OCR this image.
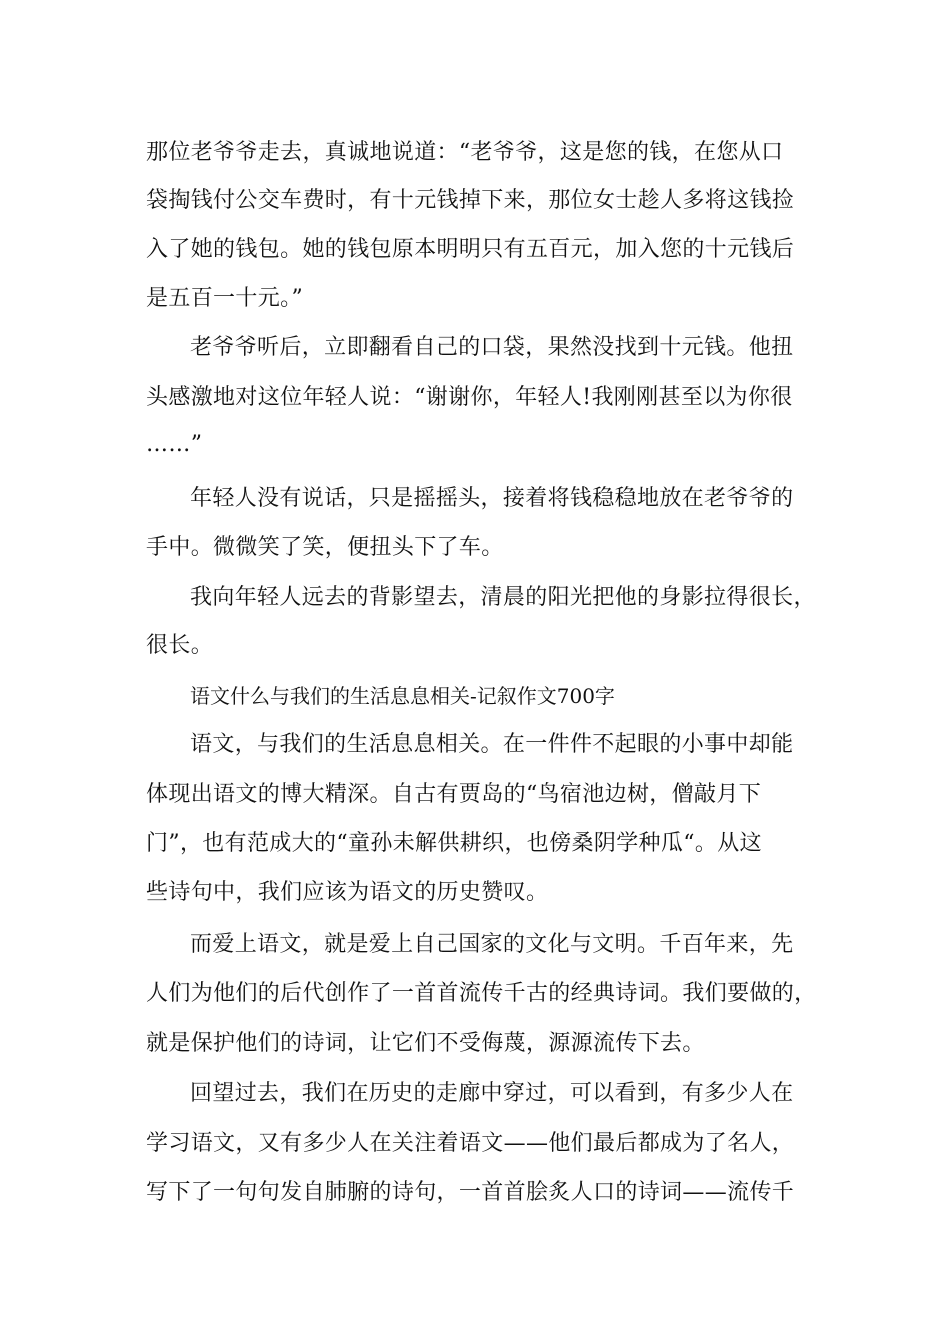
那位老爷爷走去，真诚地说道：“老爷爷，这是您的钱，在您从口
袋掏钱付公交车费时，有十元钱掉下来，那位女士趁人多将这钱捡
入了她的钱包。她的钱包原本明明只有五百元，加入您的十元钱后
是五百一十元。”
老爷爷听后，立即翻看自己的口袋，果然没找到十元钱。他扭
头感激地对这位年轻人说：“谢谢你，年轻人!我刚刚甚至以为你很
……”
年轻人没有说话，只是摇摇头，接着将钱稳稳地放在老爷爷的
手中。微微笑了笑，便扭头下了车。
我向年轻人远去的背影望去，清晨的阳光把他的身影拉得很长，
很长。
语文什么与我们的生活息息相关-记叙作文700字
语文，与我们的生活息息相关。在一件件不起眼的小事中却能
体现出语文的博大精深。自古有贾岛的“鸟宿池边树，僧敲月下
门”，也有范成大的“童孙未解供耕织，也傍桑阴学种瓜“。从这
些诗句中，我们应该为语文的历史赞叹。
而爱上语文，就是爱上自己国家的文化与文明。千百年来，先
人们为他们的后代创作了一首首流传千古的经典诗词。我们要做的，
就是保护他们的诗词，让它们不受侮蔑，源源流传下去。
回望过去，我们在历史的走廊中穿过，可以看到，有多少人在
学习语文，又有多少人在关注着语文——他们最后都成为了名人，
写下了一句句发自肺腑的诗句，一首首脍炙人口的诗词——流传千
